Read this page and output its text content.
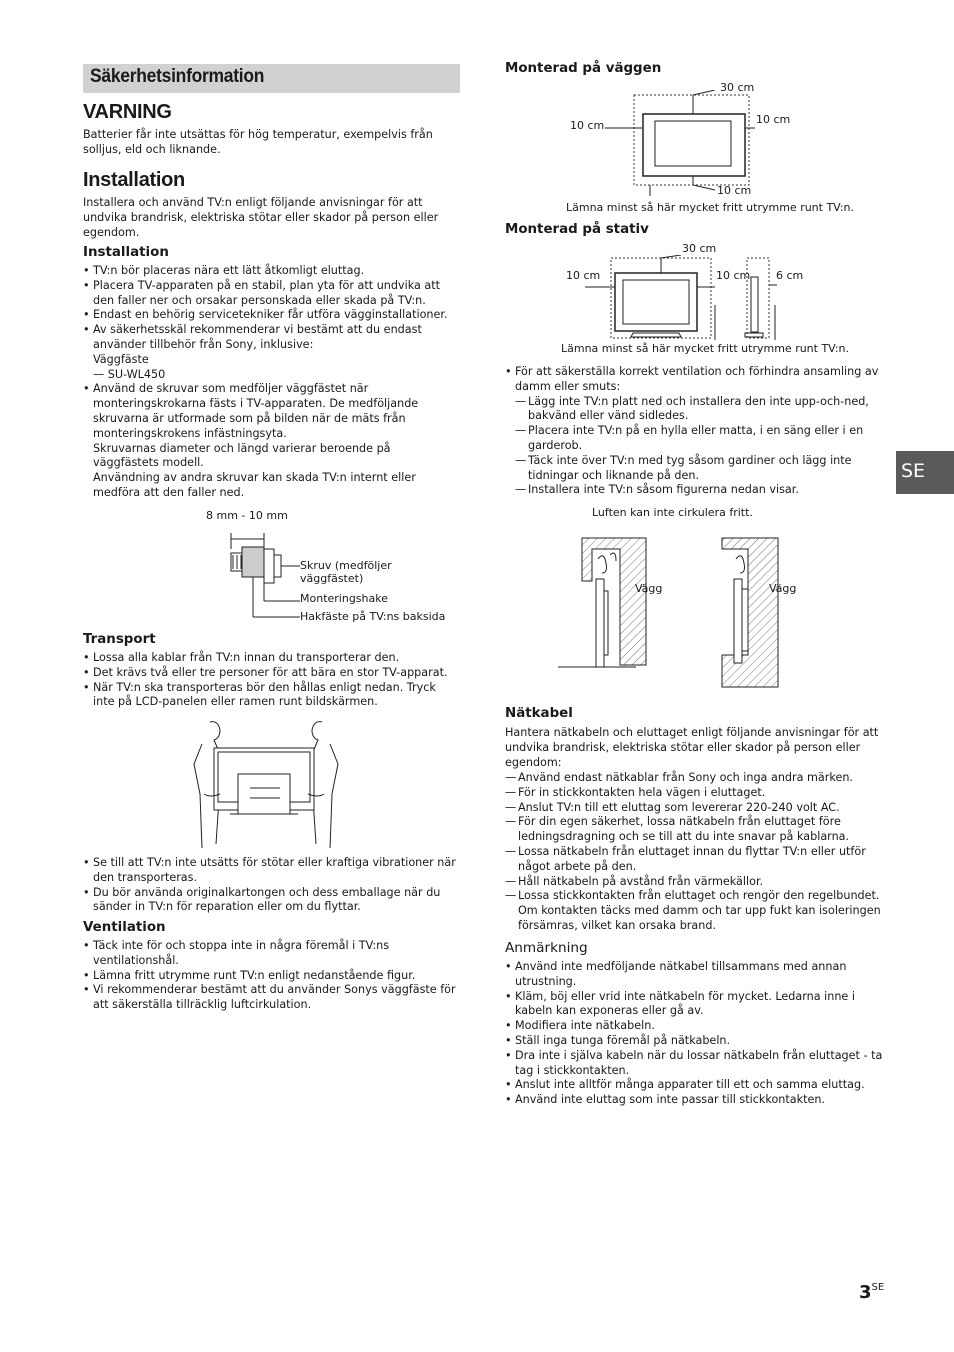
Säkerhetsinformation
VARNING

Batterier får inte utsättas för hög temperatur, exempelvis från solljus, eld och liknande.

Installation

Installera och använd TV:n enligt följande anvisningar för att undvika brandrisk, elektriska stötar eller skador på person eller egendom.

Installation
• TV:n bör placeras nära ett lätt åtkomligt eluttag.
• Placera TV-apparaten på en stabil, plan yta för att undvika att den faller ner och orsakar personskada eller skada på TV:n.
• Endast en behörig servicetekniker får utföra vägginstallationer.
• Av säkerhetsskäl rekommenderar vi bestämt att du endast använder tillbehör från Sony, inklusive:
Väggfäste
— SU-WL450
• Använd de skruvar som medföljer väggfästet när monteringskrokarna fästs i TV-apparaten. De medföljande skruvarna är utformade som på bilden när de mäts från monteringskrokens infästningsyta.
Skruvarnas diameter och längd varierar beroende på väggfästets modell.
Användning av andra skruvar kan skada TV:n internt eller medföra att den faller ned.
8 mm - 10 mm
Skruv (medföljer väggfästet)
Monteringshake
Hakfäste på TV:ns baksida
Transport
• Lossa alla kablar från TV:n innan du transporterar den.
• Det krävs två eller tre personer för att bära en stor TV-apparat.
• När TV:n ska transporteras bör den hållas enligt nedan. Tryck inte på LCD-panelen eller ramen runt bildskärmen.
• Se till att TV:n inte utsätts för stötar eller kraftiga vibrationer när den transporteras.
• Du bör använda originalkartongen och dess emballage när du sänder in TV:n för reparation eller om du flyttar.
Ventilation
• Täck inte för och stoppa inte in några föremål i TV:ns ventilationshål.
• Lämna fritt utrymme runt TV:n enligt nedanstående figur.
• Vi rekommenderar bestämt att du använder Sonys väggfäste för att säkerställa tillräcklig luftcirkulation.
Monterad på väggen
30 cm
10 cm	10 cm
10 cm
Lämna minst så här mycket fritt utrymme runt TV:n.
Monterad på stativ
30 cm
10 cm	10 cm 6 cm
Lämna minst så här mycket fritt utrymme runt TV:n.
• För att säkerställa korrekt ventilation och förhindra ansamling av damm eller smuts:
— Lägg inte TV:n platt ned och installera den inte upp-och-ned, bakvänd eller vänd sidledes.
— Placera inte TV:n på en hylla eller matta, i en säng eller i en garderob.
— Täck inte över TV:n med tyg såsom gardiner och lägg inte tidningar och liknande på den.
— Installera inte TV:n såsom figurerna nedan visar.
Luften kan inte cirkulera fritt.
Vägg	Vägg
Nätkabel

Hantera nätkabeln och eluttaget enligt följande anvisningar för att undvika brandrisk, elektriska stötar eller skador på person eller egendom:

— Använd endast nätkablar från Sony och inga andra märken.
— För in stickkontakten hela vägen i eluttaget.
— Anslut TV:n till ett eluttag som levererar 220-240 volt AC.
— För din egen säkerhet, lossa nätkabeln från eluttaget före ledningsdragning och se till att du inte snavar på kablarna.
— Lossa nätkabeln från eluttaget innan du flyttar TV:n eller utför något arbete på den.
— Håll nätkabeln på avstånd från värmekällor.
— Lossa stickkontakten från eluttaget och rengör den regelbundet. Om kontakten täcks med damm och tar upp fukt kan isoleringen försämras, vilket kan orsaka brand.
Anmärkning
• Använd inte medföljande nätkabel tillsammans med annan utrustning.
• Kläm, böj eller vrid inte nätkabeln för mycket. Ledarna inne i kabeln kan exponeras eller gå av.
• Modifiera inte nätkabeln.
• Ställ inga tunga föremål på nätkabeln.
• Dra inte i själva kabeln när du lossar nätkabeln från eluttaget - ta tag i stickkontakten.
• Anslut inte alltför många apparater till ett och samma eluttag.
• Använd inte eluttag som inte passar till stickkontakten.
SE
$3^{SE}$
